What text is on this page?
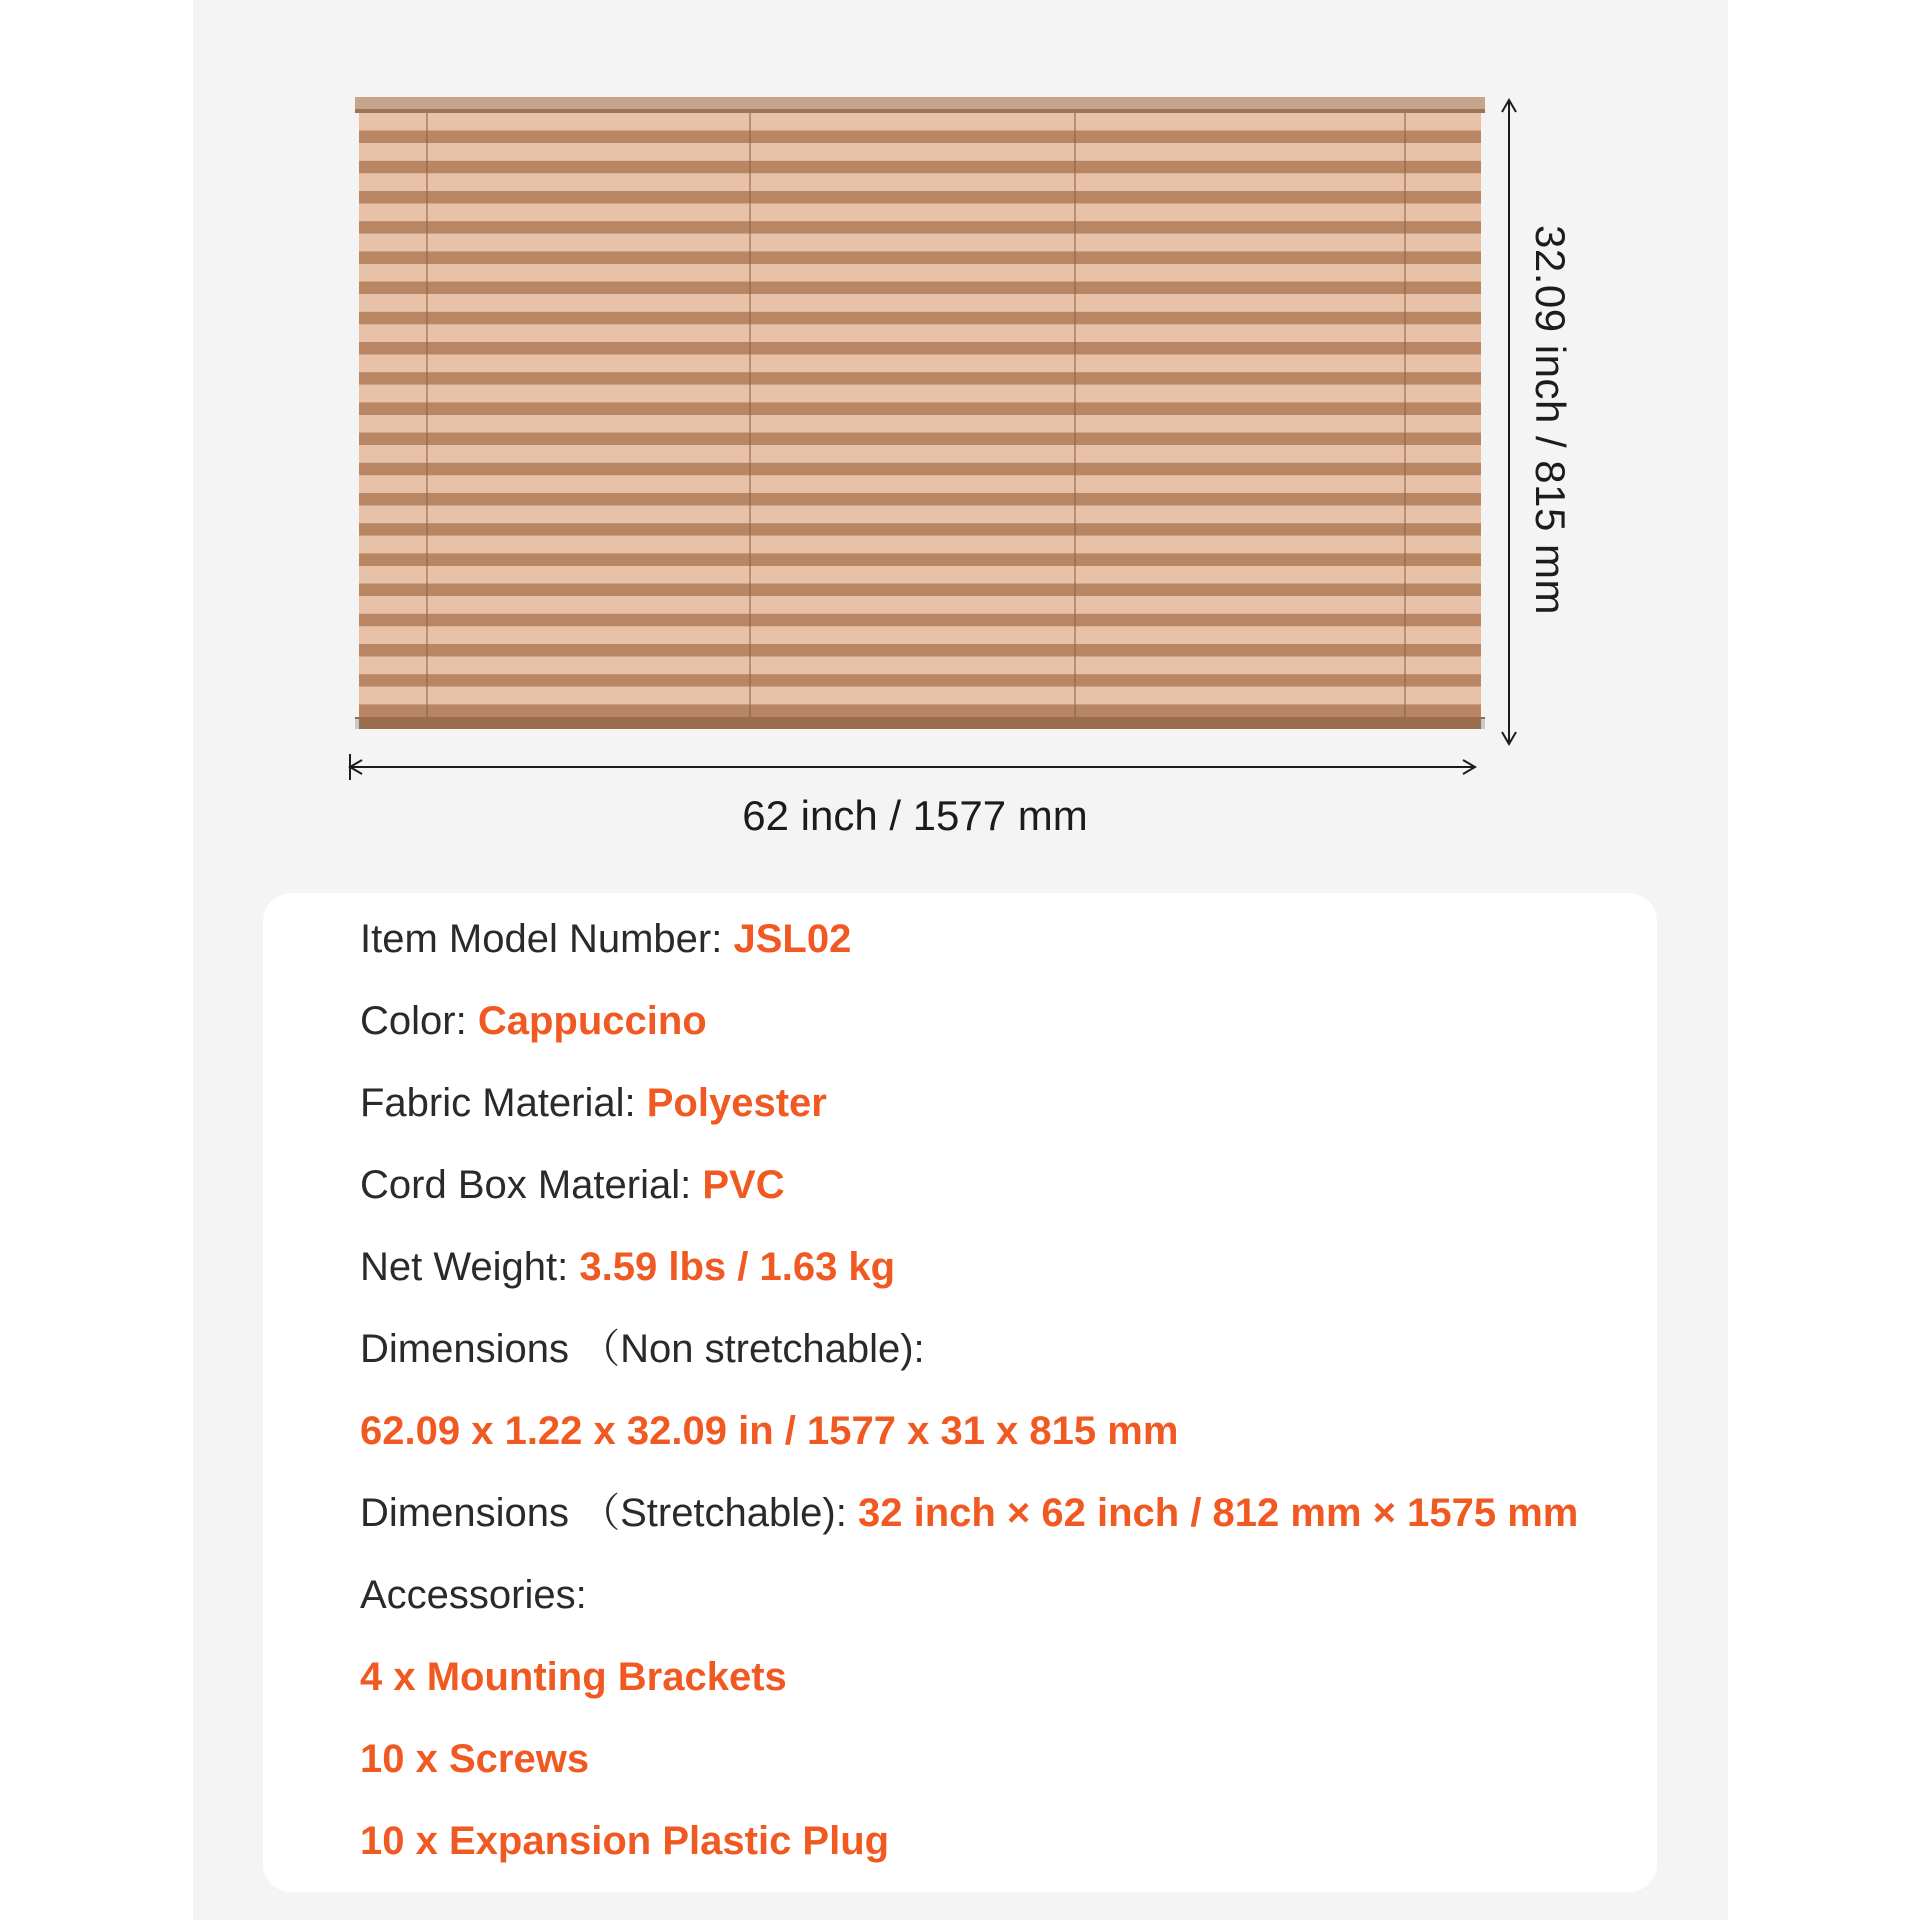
32.09 inch / 815 mm
62 inch / 1577 mm
Item Model Number: JSL02
Color: Cappuccino
Fabric Material: Polyester
Cord Box Material: PVC
Net Weight: 3.59 lbs / 1.63 kg
Dimensions （Non stretchable):
62.09 x 1.22 x 32.09 in / 1577 x 31 x 815 mm
Dimensions （Stretchable): 32 inch × 62 inch / 812 mm × 1575 mm
Accessories:
4 x Mounting Brackets
10 x Screws
10 x Expansion Plastic Plug
